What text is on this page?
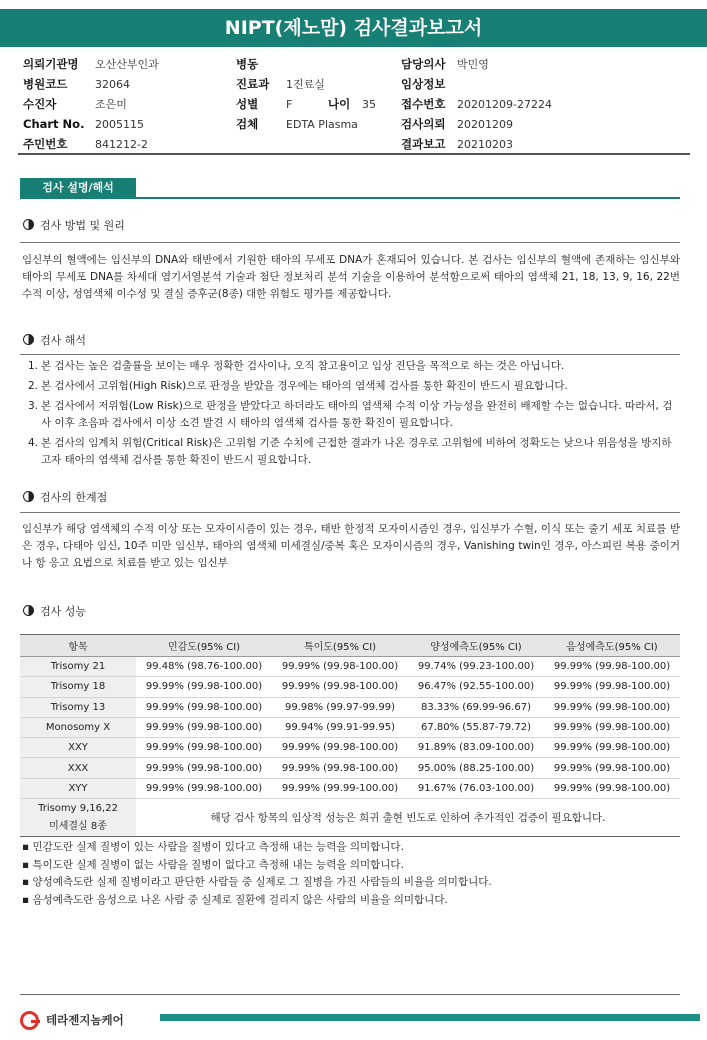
NIPT(제노맘) 검사결과보고서
의뢰기관명 오산산부인과
병원코드	32064
수진자	조은미
Chart No. 2005115
주민번호	841212-2
병동
진료과 1진료실
성별	F	나이 35
검체	EDTA Plasma
담당의사 박민영
임상정보
접수번호 20201209-27224
검사의뢰 20201209
결과보고 20210203
검사 설명/해석
검사 방법 및 원리
임신부의 혈액에는 임신부의 DNA와 태반에서 기원한 태아의 무세포 DNA가 혼재되어 있습니다. 본 검사는 임신부의 혈액에 존재하는 임신부와 태아의 무세포 DNA를 차세대 염기서열분석 기술과 첨단 정보처리 분석 기술을 이용하여 분석함으로써 태아의 염색체 21, 18, 13, 9, 16, 22번 수적 이상, 성염색체 이수성 및 결실 증후군(8종) 대한 위험도 평가를 제공합니다.
검사 해석
1. 본 검사는 높은 검출률을 보이는 매우 정확한 검사이나, 오직 참고용이고 임상 진단을 목적으로 하는 것은 아닙니다.
2. 본 검사에서 고위험(High Risk)으로 판정을 받았을 경우에는 태아의 염색체 검사를 통한 확진이 반드시 필요합니다.
3. 본 검사에서 저위험(Low Risk)으로 판정을 받았다고 하더라도 태아의 염색체 수적 이상 가능성을 완전히 배제할 수는 없습니다. 따라서, 검사 이후 초음파 검사에서 이상 소견 발견 시 태아의 염색체 검사를 통한 확진이 필요합니다.
4. 본 검사의 임계치 위험(Critical Risk)은 고위험 기준 수치에 근접한 결과가 나온 경우로 고위험에 비하여 정확도는 낮으나 위음성을 방지하고자 태아의 염색체 검사를 통한 확진이 반드시 필요합니다.
검사의 한계점
임신부가 해당 염색체의 수적 이상 또는 모자이시즘이 있는 경우, 태반 한정적 모자이시즘인 경우, 임신부가 수혈, 이식 또는 줄기 세포 치료를 받은 경우, 다태아 임신, 10주 미만 임신부, 태아의 염색체 미세결실/중복 혹은 모자이시즘의 경우, Vanishing twin인 경우, 아스피린 복용 중이거나 항 응고 요법으로 치료를 받고 있는 임신부
검사 성능
항목	민감도(95% CI)	특이도(95% CI)	양성예측도(95% CI)	음성예측도(95% CI)
Trisomy 21	99.48% (98.76-100.00)	99.99% (99.98-100.00)	99.74% (99.23-100.00)	99.99% (99.98-100.00)
Trisomy 18	99.99% (99.98-100.00)	99.99% (99.98-100.00)	96.47% (92.55-100.00)	99.99% (99.98-100.00)
Trisomy 13	99.99% (99.98-100.00)	99.98% (99.97-99.99)	83.33% (69.99-96.67)	99.99% (99.98-100.00)
Monosomy X	99.99% (99.98-100.00)	99.94% (99.91-99.95)	67.80% (55.87-79.72)	99.99% (99.98-100.00)
XXY	99.99% (99.98-100.00)	99.99% (99.98-100.00)	91.89% (83.09-100.00)	99.99% (99.98-100.00)
XXX	99.99% (99.98-100.00)	99.99% (99.98-100.00)	95.00% (88.25-100.00)	99.99% (99.98-100.00)
XYY	99.99% (99.98-100.00)	99.99% (99.99-100.00)	91.67% (76.03-100.00)	99.99% (99.98-100.00)

Trisomy 9,16,22
미세결실 8종	해당 검사 항목의 임상적 성능은 희귀 출현 빈도로 인하여 추가적인 검증이 필요합니다.			
▪ 민감도란 실제 질병이 있는 사람을 질병이 있다고 측정해 내는 능력을 의미합니다.
▪ 특이도란 실제 질병이 없는 사람을 질병이 없다고 측정해 내는 능력을 의미합니다.
▪ 양성예측도란 실제 질병이라고 판단한 사람들 중 실제로 그 질병을 가진 사람들의 비율을 의미합니다.
▪ 음성예측도란 음성으로 나온 사람 중 실제로 질환에 걸리지 않은 사람의 비율을 의미합니다.
테라젠지놈케어
